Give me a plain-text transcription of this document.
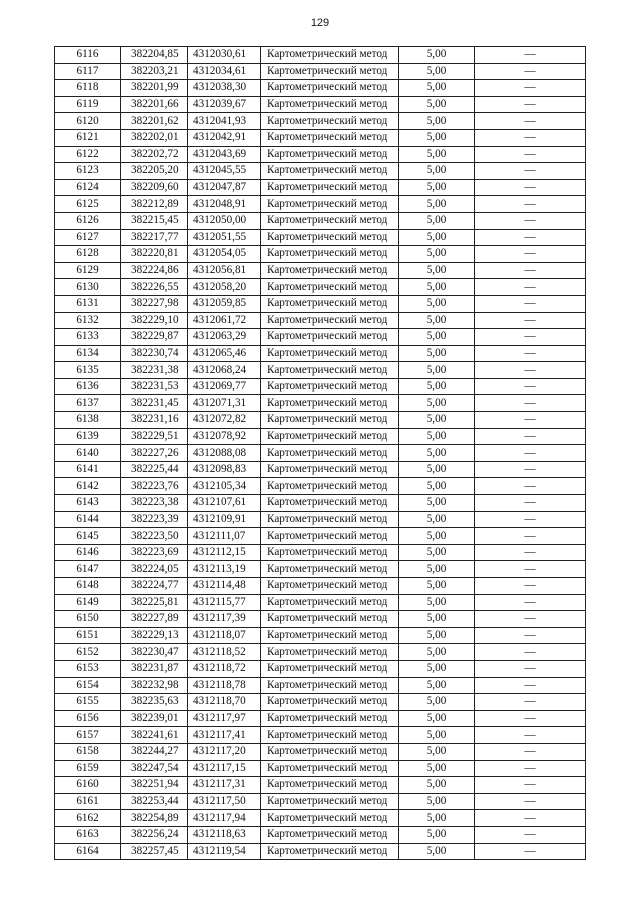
129
6116	382204,85	4312030,61	Картометрический метод	5,00	—
6117	382203,21	4312034,61	Картометрический метод	5,00	—
6118	382201,99	4312038,30	Картометрический метод	5,00	—
6119	382201,66	4312039,67	Картометрический метод	5,00	—
6120	382201,62	4312041,93	Картометрический метод	5,00	—
6121	382202,01	4312042,91	Картометрический метод	5,00	—
6122	382202,72	4312043,69	Картометрический метод	5,00	—
6123	382205,20	4312045,55	Картометрический метод	5,00	—
6124	382209,60	4312047,87	Картометрический метод	5,00	—
6125	382212,89	4312048,91	Картометрический метод	5,00	—
6126	382215,45	4312050,00	Картометрический метод	5,00	—
6127	382217,77	4312051,55	Картометрический метод	5,00	—
6128	382220,81	4312054,05	Картометрический метод	5,00	—
6129	382224,86	4312056,81	Картометрический метод	5,00	—
6130	382226,55	4312058,20	Картометрический метод	5,00	—
6131	382227,98	4312059,85	Картометрический метод	5,00	—
6132	382229,10	4312061,72	Картометрический метод	5,00	—
6133	382229,87	4312063,29	Картометрический метод	5,00	—
6134	382230,74	4312065,46	Картометрический метод	5,00	—
6135	382231,38	4312068,24	Картометрический метод	5,00	—
6136	382231,53	4312069,77	Картометрический метод	5,00	—
6137	382231,45	4312071,31	Картометрический метод	5,00	—
6138	382231,16	4312072,82	Картометрический метод	5,00	—
6139	382229,51	4312078,92	Картометрический метод	5,00	—
6140	382227,26	4312088,08	Картометрический метод	5,00	—
6141	382225,44	4312098,83	Картометрический метод	5,00	—
6142	382223,76	4312105,34	Картометрический метод	5,00	—
6143	382223,38	4312107,61	Картометрический метод	5,00	—
6144	382223,39	4312109,91	Картометрический метод	5,00	—
6145	382223,50	4312111,07	Картометрический метод	5,00	—
6146	382223,69	4312112,15	Картометрический метод	5,00	—
6147	382224,05	4312113,19	Картометрический метод	5,00	—
6148	382224,77	4312114,48	Картометрический метод	5,00	—
6149	382225,81	4312115,77	Картометрический метод	5,00	—
6150	382227,89	4312117,39	Картометрический метод	5,00	—
6151	382229,13	4312118,07	Картометрический метод	5,00	—
6152	382230,47	4312118,52	Картометрический метод	5,00	—
6153	382231,87	4312118,72	Картометрический метод	5,00	—
6154	382232,98	4312118,78	Картометрический метод	5,00	—
6155	382235,63	4312118,70	Картометрический метод	5,00	—
6156	382239,01	4312117,97	Картометрический метод	5,00	—
6157	382241,61	4312117,41	Картометрический метод	5,00	—
6158	382244,27	4312117,20	Картометрический метод	5,00	—
6159	382247,54	4312117,15	Картометрический метод	5,00	—
6160	382251,94	4312117,31	Картометрический метод	5,00	—
6161	382253,44	4312117,50	Картометрический метод	5,00	—
6162	382254,89	4312117,94	Картометрический метод	5,00	—
6163	382256,24	4312118,63	Картометрический метод	5,00	—
6164	382257,45	4312119,54	Картометрический метод	5,00	—
